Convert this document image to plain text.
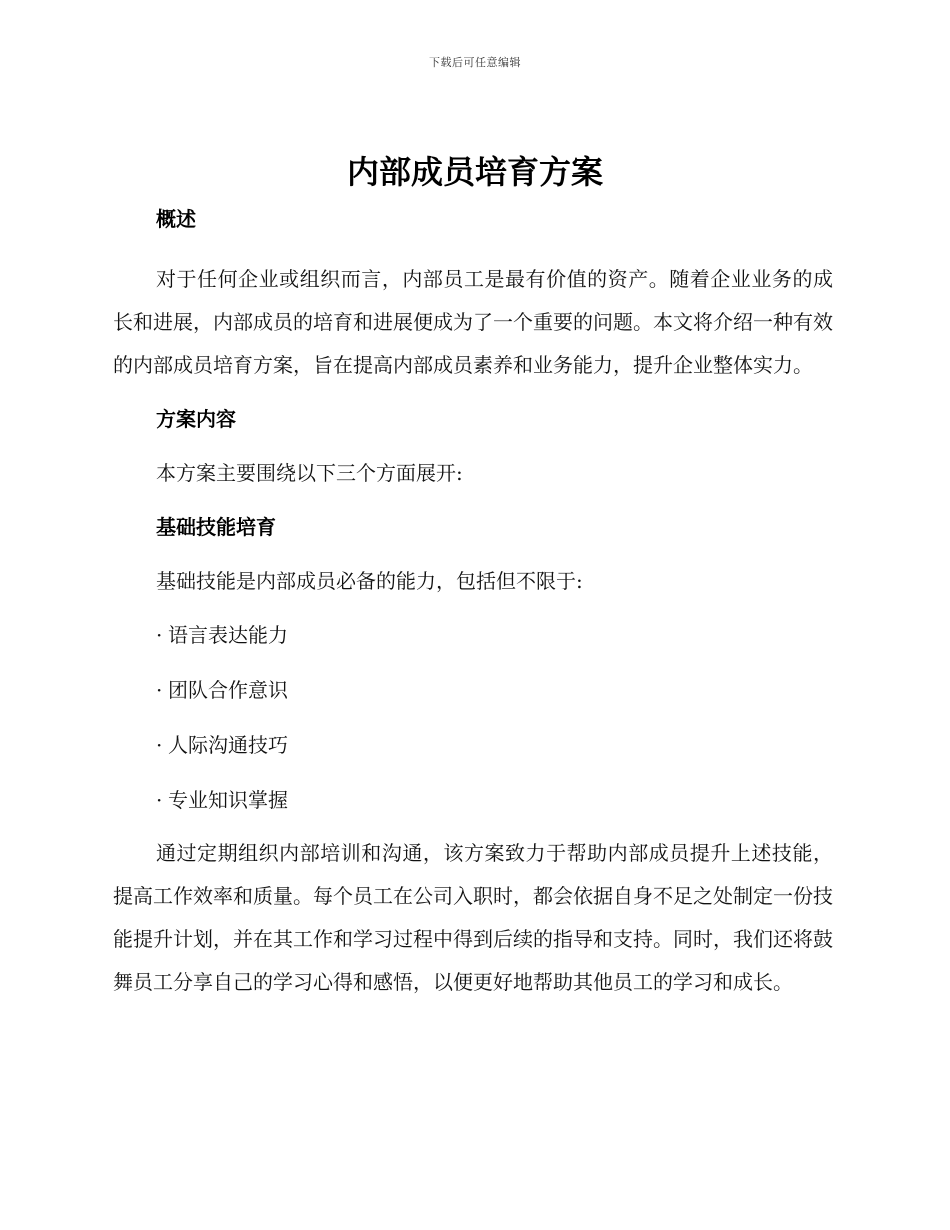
下载后可任意编辑
内部成员培育方案
概述

对于任何企业或组织而言，内部员工是最有价值的资产。随着企业业务的成长和进展，内部成员的培育和进展便成为了一个重要的问题。本文将介绍一种有效的内部成员培育方案，旨在提高内部成员素养和业务能力，提升企业整体实力。

方案内容
本方案主要围绕以下三个方面展开:
基础技能培育
基础技能是内部成员必备的能力，包括但不限于:
· 语言表达能力
· 团队合作意识
· 人际沟通技巧
· 专业知识掌握

通过定期组织内部培训和沟通，该方案致力于帮助内部成员提升上述技能，提高工作效率和质量。每个员工在公司入职时，都会依据自身不足之处制定一份技能提升计划，并在其工作和学习过程中得到后续的指导和支持。同时，我们还将鼓舞员工分享自己的学习心得和感悟，以便更好地帮助其他员工的学习和成长。
